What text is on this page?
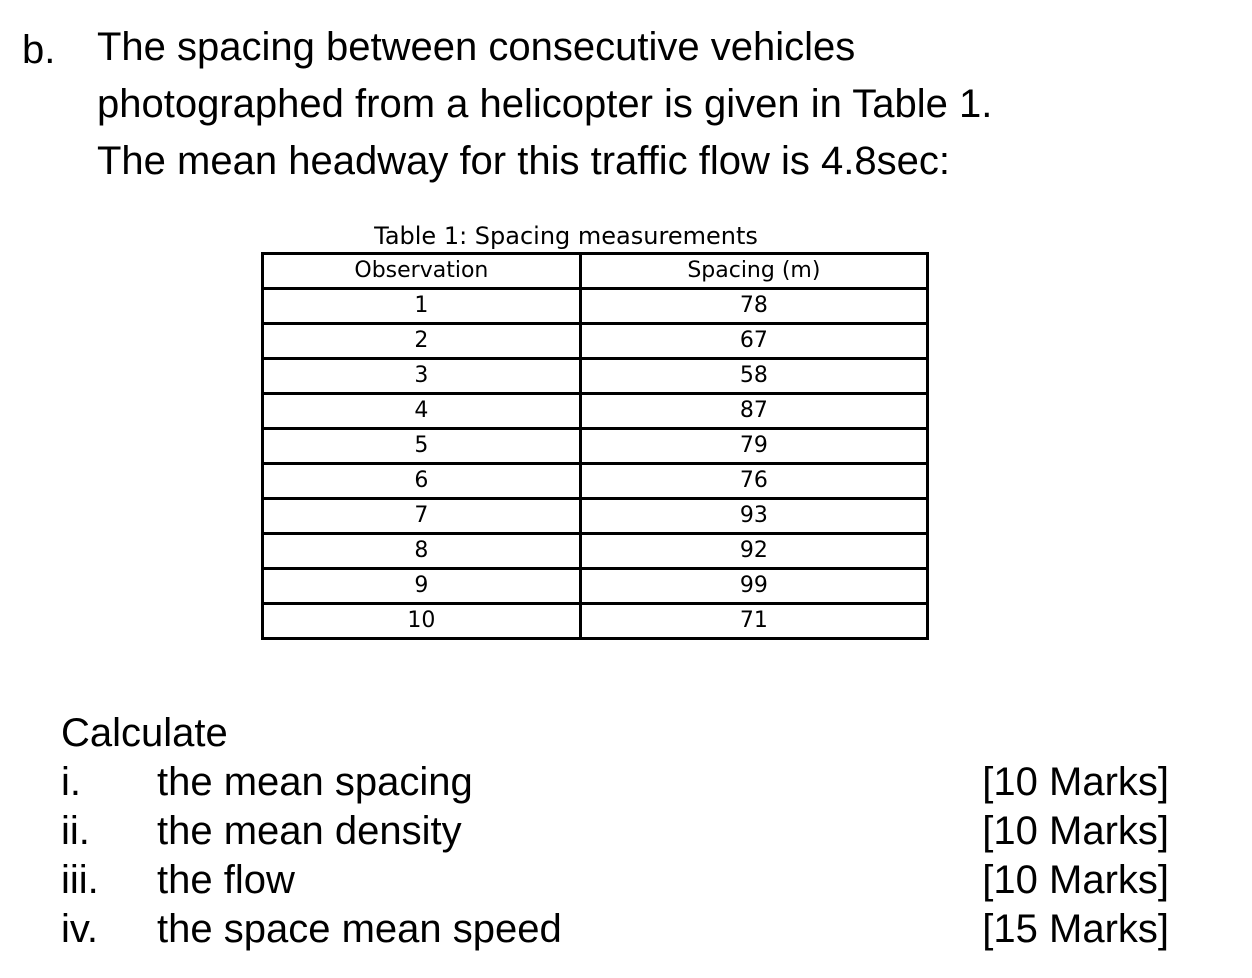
b. The spacing between consecutive vehicles
photographed from a helicopter is given in Table 1.
The mean headway for this traffic flow is 4.8sec:
Table 1: Spacing measurements
Observation	Spacing (m)
1	78
2	67
3	58
4	87
5	79
6	76
7	93
8	92
9	99
10	71
Calculate
i. the mean spacing	[10 Marks]
ii. the mean density	[10 Marks]
iii. the flow	[10 Marks]
iv. the space mean speed	[15 Marks]
